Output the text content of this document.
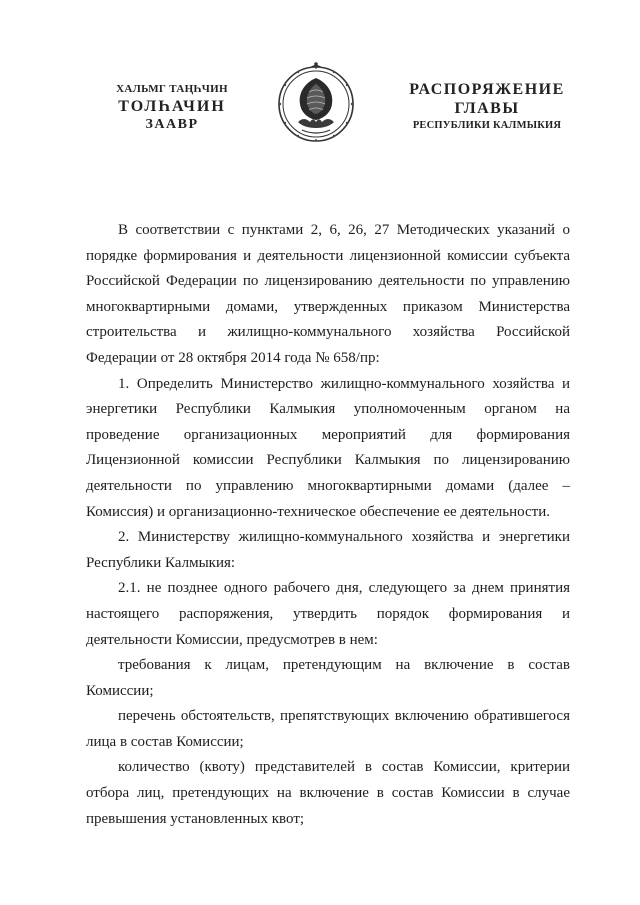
ХАЛЬМГ ТАҢҺЧИН
ТОЛҺАЧИН
ЗААВР
РАСПОРЯЖЕНИЕ
ГЛАВЫ
РЕСПУБЛИКИ КАЛМЫКИЯ

В соответствии с пунктами 2, 6, 26, 27 Методических указаний о порядке формирования и деятельности лицензионной комиссии субъекта Российской Федерации по лицензированию деятельности по управлению многоквартирными домами, утвержденных приказом Министерства строительства и жилищно-коммунального хозяйства Российской Федерации от 28 октября 2014 года № 658/пр:

1. Определить Министерство жилищно-коммунального хозяйства и энергетики Республики Калмыкия уполномоченным органом на проведение организационных мероприятий для формирования Лицензионной комиссии Республики Калмыкия по лицензированию деятельности по управлению многоквартирными домами (далее – Комиссия) и организационно-техническое обеспечение ее деятельности.

2. Министерству жилищно-коммунального хозяйства и энергетики Республики Калмыкия:

2.1. не позднее одного рабочего дня, следующего за днем принятия настоящего распоряжения, утвердить порядок формирования и деятельности Комиссии, предусмотрев в нем:

требования к лицам, претендующим на включение в состав Комиссии;

перечень обстоятельств, препятствующих включению обратившегося лица в состав Комиссии;

количество (квоту) представителей в состав Комиссии, критерии отбора лиц, претендующих на включение в состав Комиссии в случае превышения установленных квот;
